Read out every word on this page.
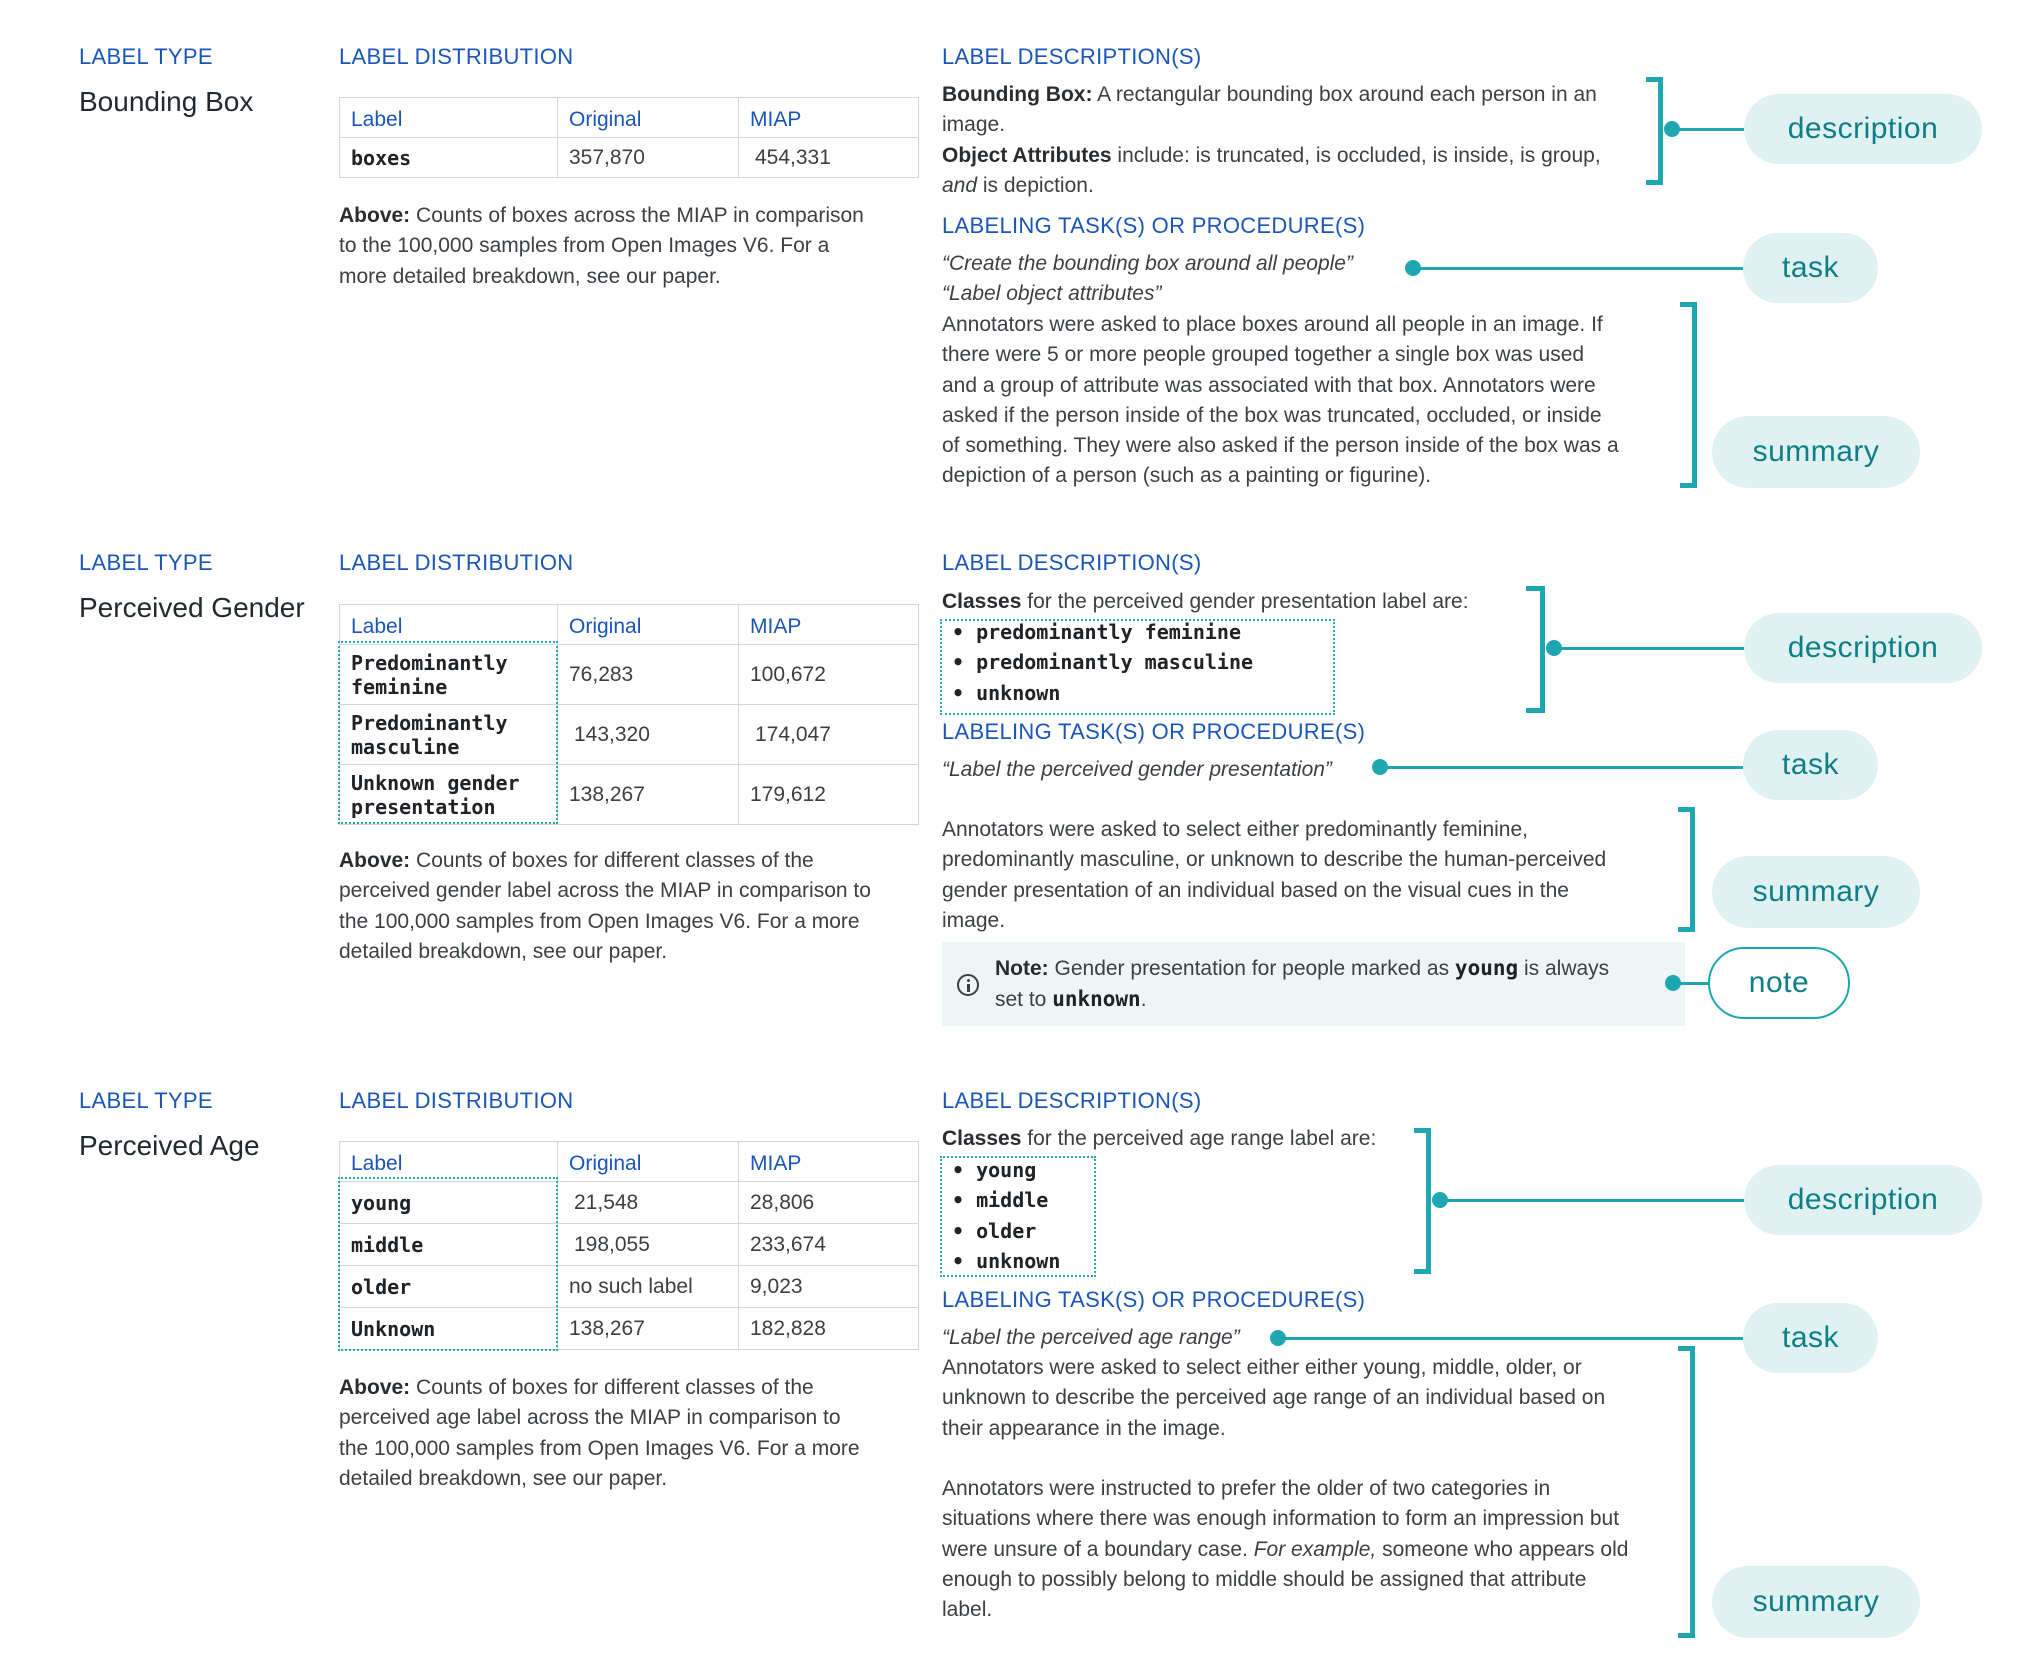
LABEL TYPE
Bounding Box
LABEL DISTRIBUTION
Label	Original	MIAP
boxes	357,870	454,331
Above: Counts of boxes across the MIAP in comparison
to the 100,000 samples from Open Images V6. For a
more detailed breakdown, see our paper.
LABEL DESCRIPTION(S)
Bounding Box: A rectangular bounding box around each person in an
image.
Object Attributes include: is truncated, is occluded, is inside, is group,
and is depiction.
LABELING TASK(S) OR PROCEDURE(S)
“Create the bounding box around all people”
“Label object attributes”
Annotators were asked to place boxes around all people in an image. If
there were 5 or more people grouped together a single box was used
and a group of attribute was associated with that box. Annotators were
asked if the person inside of the box was truncated, occluded, or inside
of something. They were also asked if the person inside of the box was a
depiction of a person (such as a painting or figurine).
description
task
summary
LABEL TYPE
Perceived Gender
LABEL DISTRIBUTION
Label	Original	MIAP

Predominantly
feminine	76,283	100,672

Predominantly
masculine	143,320	174,047

Unknown gender
presentation	138,267	179,612
Above: Counts of boxes for different classes of the
perceived gender label across the MIAP in comparison to
the 100,000 samples from Open Images V6. For a more
detailed breakdown, see our paper.
LABEL DESCRIPTION(S)
Classes for the perceived gender presentation label are:
• predominantly feminine
• predominantly masculine
• unknown
LABELING TASK(S) OR PROCEDURE(S)
“Label the perceived gender presentation”
Annotators were asked to select either predominantly feminine,
predominantly masculine, or unknown to describe the human-perceived
gender presentation of an individual based on the visual cues in the
image.
Note: Gender presentation for people marked as young is always
set to unknown.
description
task
summary
note
LABEL TYPE
Perceived Age
LABEL DISTRIBUTION
Label	Original	MIAP
young	21,548	28,806
middle	198,055	233,674
older	no such label	9,023
Unknown	138,267	182,828
Above: Counts of boxes for different classes of the
perceived age label across the MIAP in comparison to
the 100,000 samples from Open Images V6. For a more
detailed breakdown, see our paper.
LABEL DESCRIPTION(S)
Classes for the perceived age range label are:
• young
• middle
• older
• unknown
LABELING TASK(S) OR PROCEDURE(S)
“Label the perceived age range”
Annotators were asked to select either either young, middle, older, or
unknown to describe the perceived age range of an individual based on
their appearance in the image.
Annotators were instructed to prefer the older of two categories in
situations where there was enough information to form an impression but
were unsure of a boundary case. For example, someone who appears old
enough to possibly belong to middle should be assigned that attribute
label.
description
task
summary
